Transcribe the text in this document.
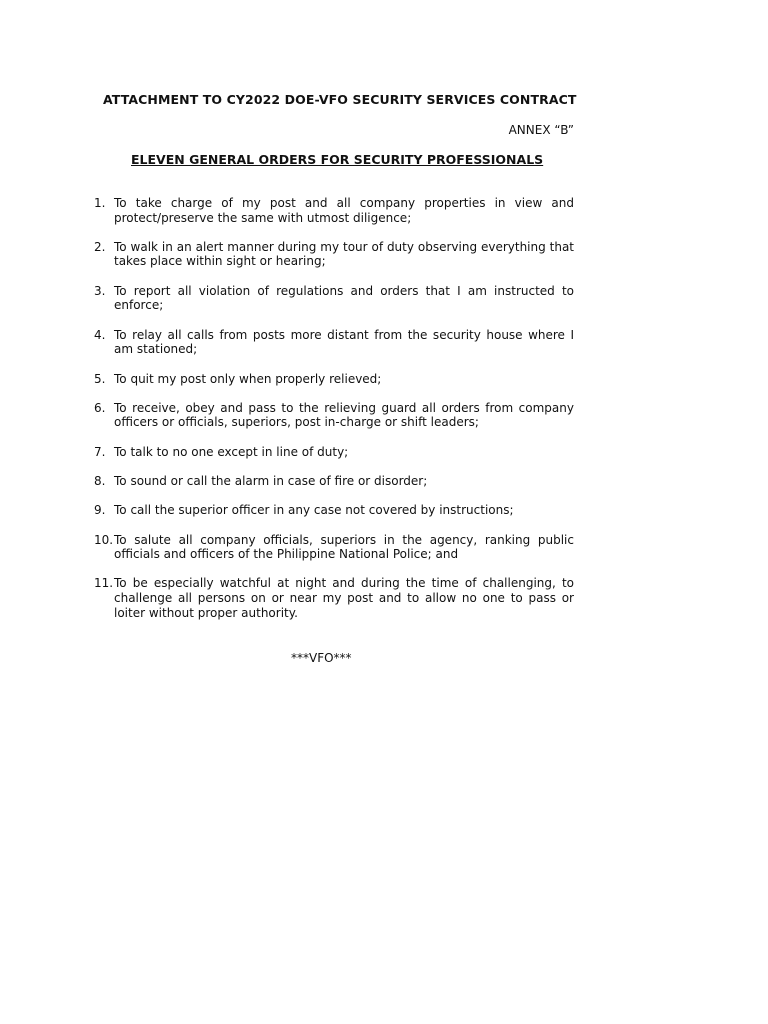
ATTACHMENT TO CY2022 DOE-VFO SECURITY SERVICES CONTRACT
ANNEX “B”
ELEVEN GENERAL ORDERS FOR SECURITY PROFESSIONALS
1. To take charge of my post and all company properties in view and protect/preserve the same with utmost diligence;
2. To walk in an alert manner during my tour of duty observing everything that takes place within sight or hearing;
3. To report all violation of regulations and orders that I am instructed to enforce;
4. To relay all calls from posts more distant from the security house where I am stationed;
5. To quit my post only when properly relieved;
6. To receive, obey and pass to the relieving guard all orders from company officers or officials, superiors, post in-charge or shift leaders;
7. To talk to no one except in line of duty;
8. To sound or call the alarm in case of fire or disorder;
9. To call the superior officer in any case not covered by instructions;
10. To salute all company officials, superiors in the agency, ranking public officials and officers of the Philippine National Police; and
11. To be especially watchful at night and during the time of challenging, to challenge all persons on or near my post and to allow no one to pass or loiter without proper authority.
***VFO***
